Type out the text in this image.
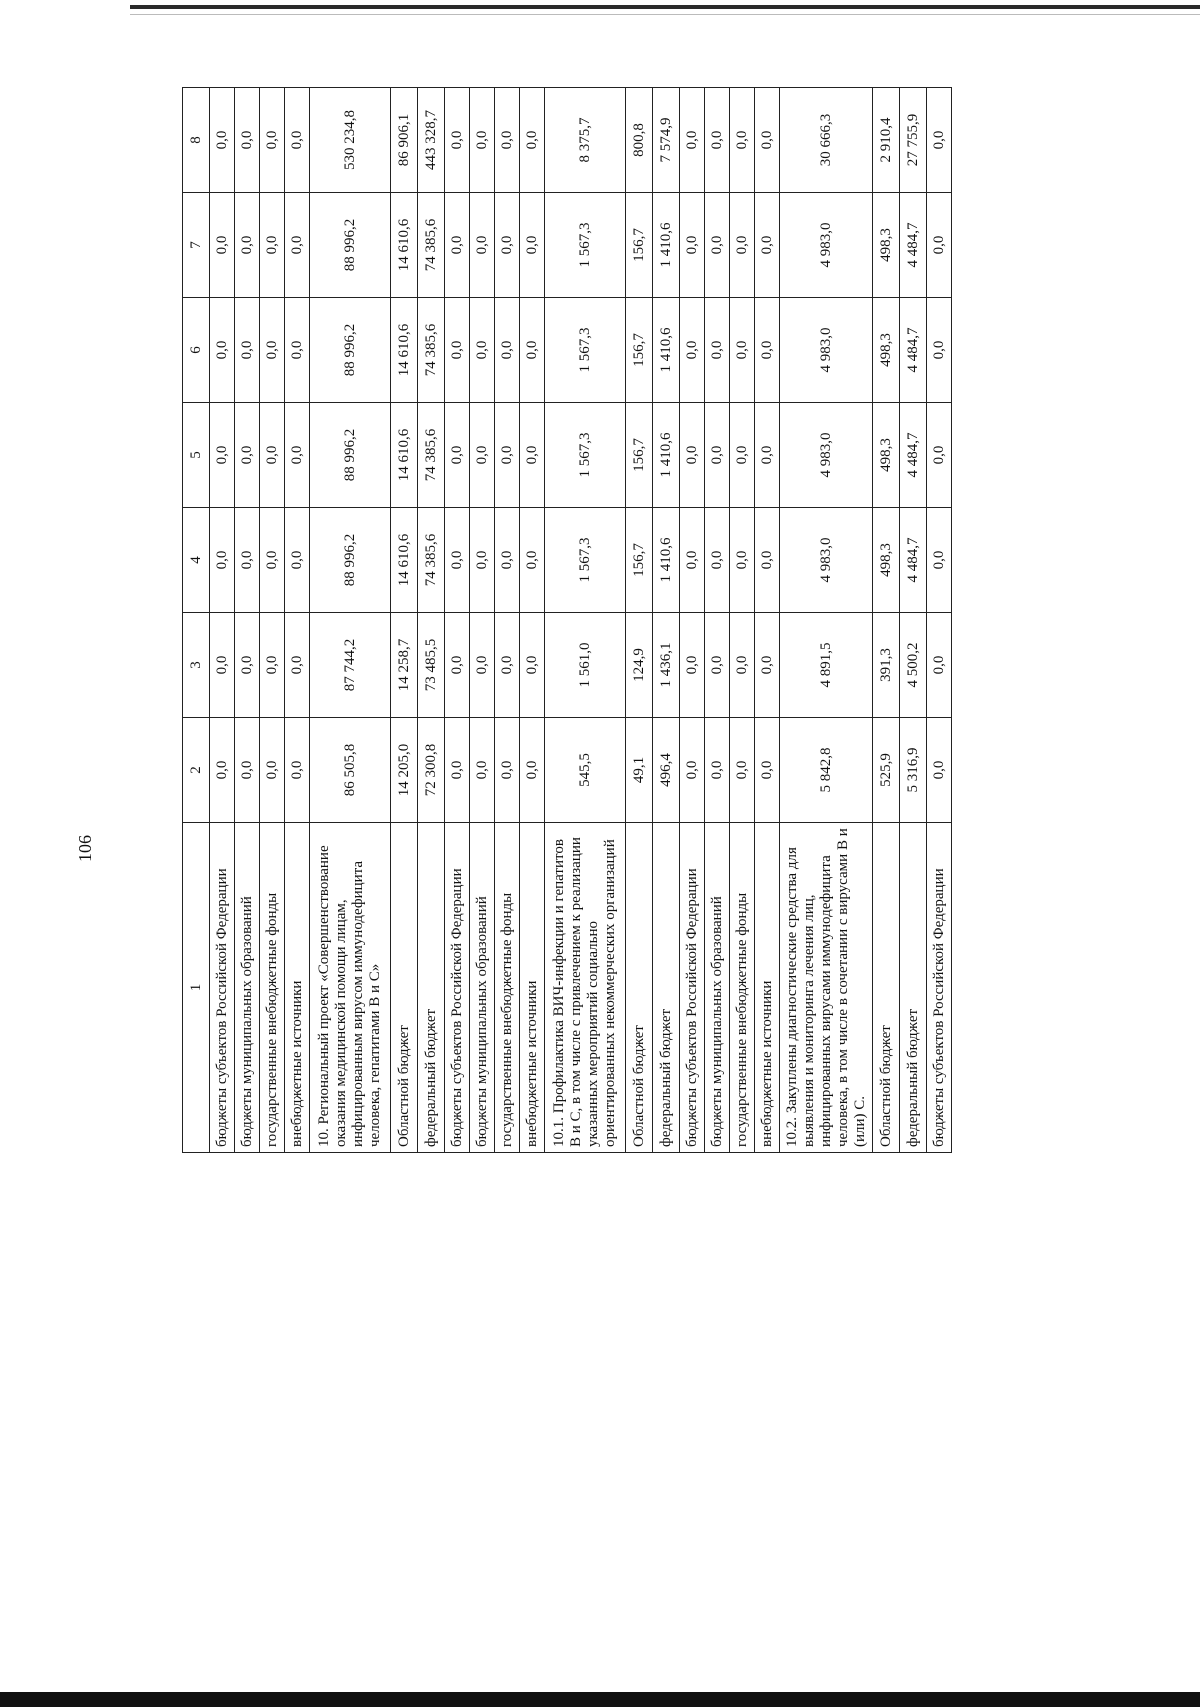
106
1	2	3	4	5	6	7	8
бюджеты субъектов Российской Федерации	0,0	0,0	0,0	0,0	0,0	0,0	0,0
бюджеты муниципальных образований	0,0	0,0	0,0	0,0	0,0	0,0	0,0
государственные внебюджетные фонды	0,0	0,0	0,0	0,0	0,0	0,0	0,0
внебюджетные источники	0,0	0,0	0,0	0,0	0,0	0,0	0,0
10. Региональный проект «Совершенствование оказания медицинской помощи лицам, инфицированным вирусом иммунодефицита человека, гепатитами В и С»	86 505,8	87 744,2	88 996,2	88 996,2	88 996,2	88 996,2	530 234,8
Областной бюджет	14 205,0	14 258,7	14 610,6	14 610,6	14 610,6	14 610,6	86 906,1
федеральный бюджет	72 300,8	73 485,5	74 385,6	74 385,6	74 385,6	74 385,6	443 328,7
бюджеты субъектов Российской Федерации	0,0	0,0	0,0	0,0	0,0	0,0	0,0
бюджеты муниципальных образований	0,0	0,0	0,0	0,0	0,0	0,0	0,0
государственные внебюджетные фонды	0,0	0,0	0,0	0,0	0,0	0,0	0,0
внебюджетные источники	0,0	0,0	0,0	0,0	0,0	0,0	0,0
10.1. Профилактика ВИЧ-инфекции и гепатитов В и С, в том числе с привлечением к реализации указанных мероприятий социально ориентированных некоммерческих организаций	545,5	1 561,0	1 567,3	1 567,3	1 567,3	1 567,3	8 375,7
Областной бюджет	49,1	124,9	156,7	156,7	156,7	156,7	800,8
федеральный бюджет	496,4	1 436,1	1 410,6	1 410,6	1 410,6	1 410,6	7 574,9
бюджеты субъектов Российской Федерации	0,0	0,0	0,0	0,0	0,0	0,0	0,0
бюджеты муниципальных образований	0,0	0,0	0,0	0,0	0,0	0,0	0,0
государственные внебюджетные фонды	0,0	0,0	0,0	0,0	0,0	0,0	0,0
внебюджетные источники	0,0	0,0	0,0	0,0	0,0	0,0	0,0
10.2. Закуплены диагностические средства для выявления и мониторинга лечения лиц, инфицированных вирусами иммунодефицита человека, в том числе в сочетании с вирусами В и (или) С.	5 842,8	4 891,5	4 983,0	4 983,0	4 983,0	4 983,0	30 666,3
Областной бюджет	525,9	391,3	498,3	498,3	498,3	498,3	2 910,4
федеральный бюджет	5 316,9	4 500,2	4 484,7	4 484,7	4 484,7	4 484,7	27 755,9
бюджеты субъектов Российской Федерации	0,0	0,0	0,0	0,0	0,0	0,0	0,0
